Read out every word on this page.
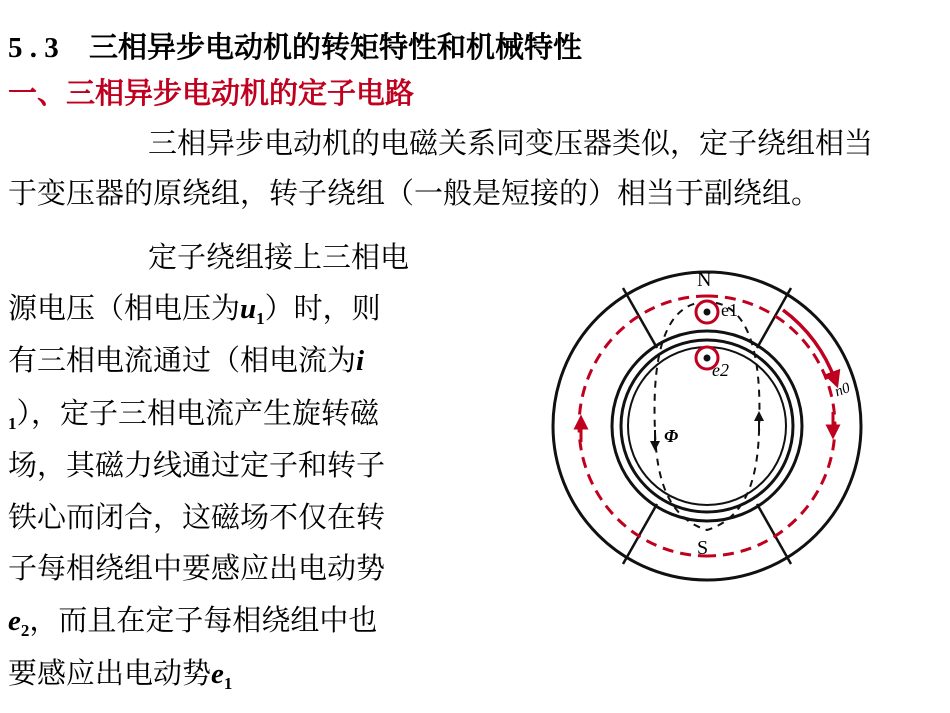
5 . 3 三相异步电动机的转矩特性和机械特性
一、三相异步电动机的定子电路
三相异步电动机的电磁关系同变压器类似，定子绕组相当
于变压器的原绕组，转子绕组（一般是短接的）相当于副绕组。
定子绕组接上三相电
源电压（相电压为$u_1$）时，则
有三相电流通过（相电流为i
$_1$），定子三相电流产生旋转磁
场，其磁力线通过定子和转子
铁心而闭合，这磁场不仅在转
子每相绕组中要感应出电动势
$e_2$，而且在定子每相绕组中也
要感应出电动势$e_1$
N
S
e1
e2
Φ
n0
